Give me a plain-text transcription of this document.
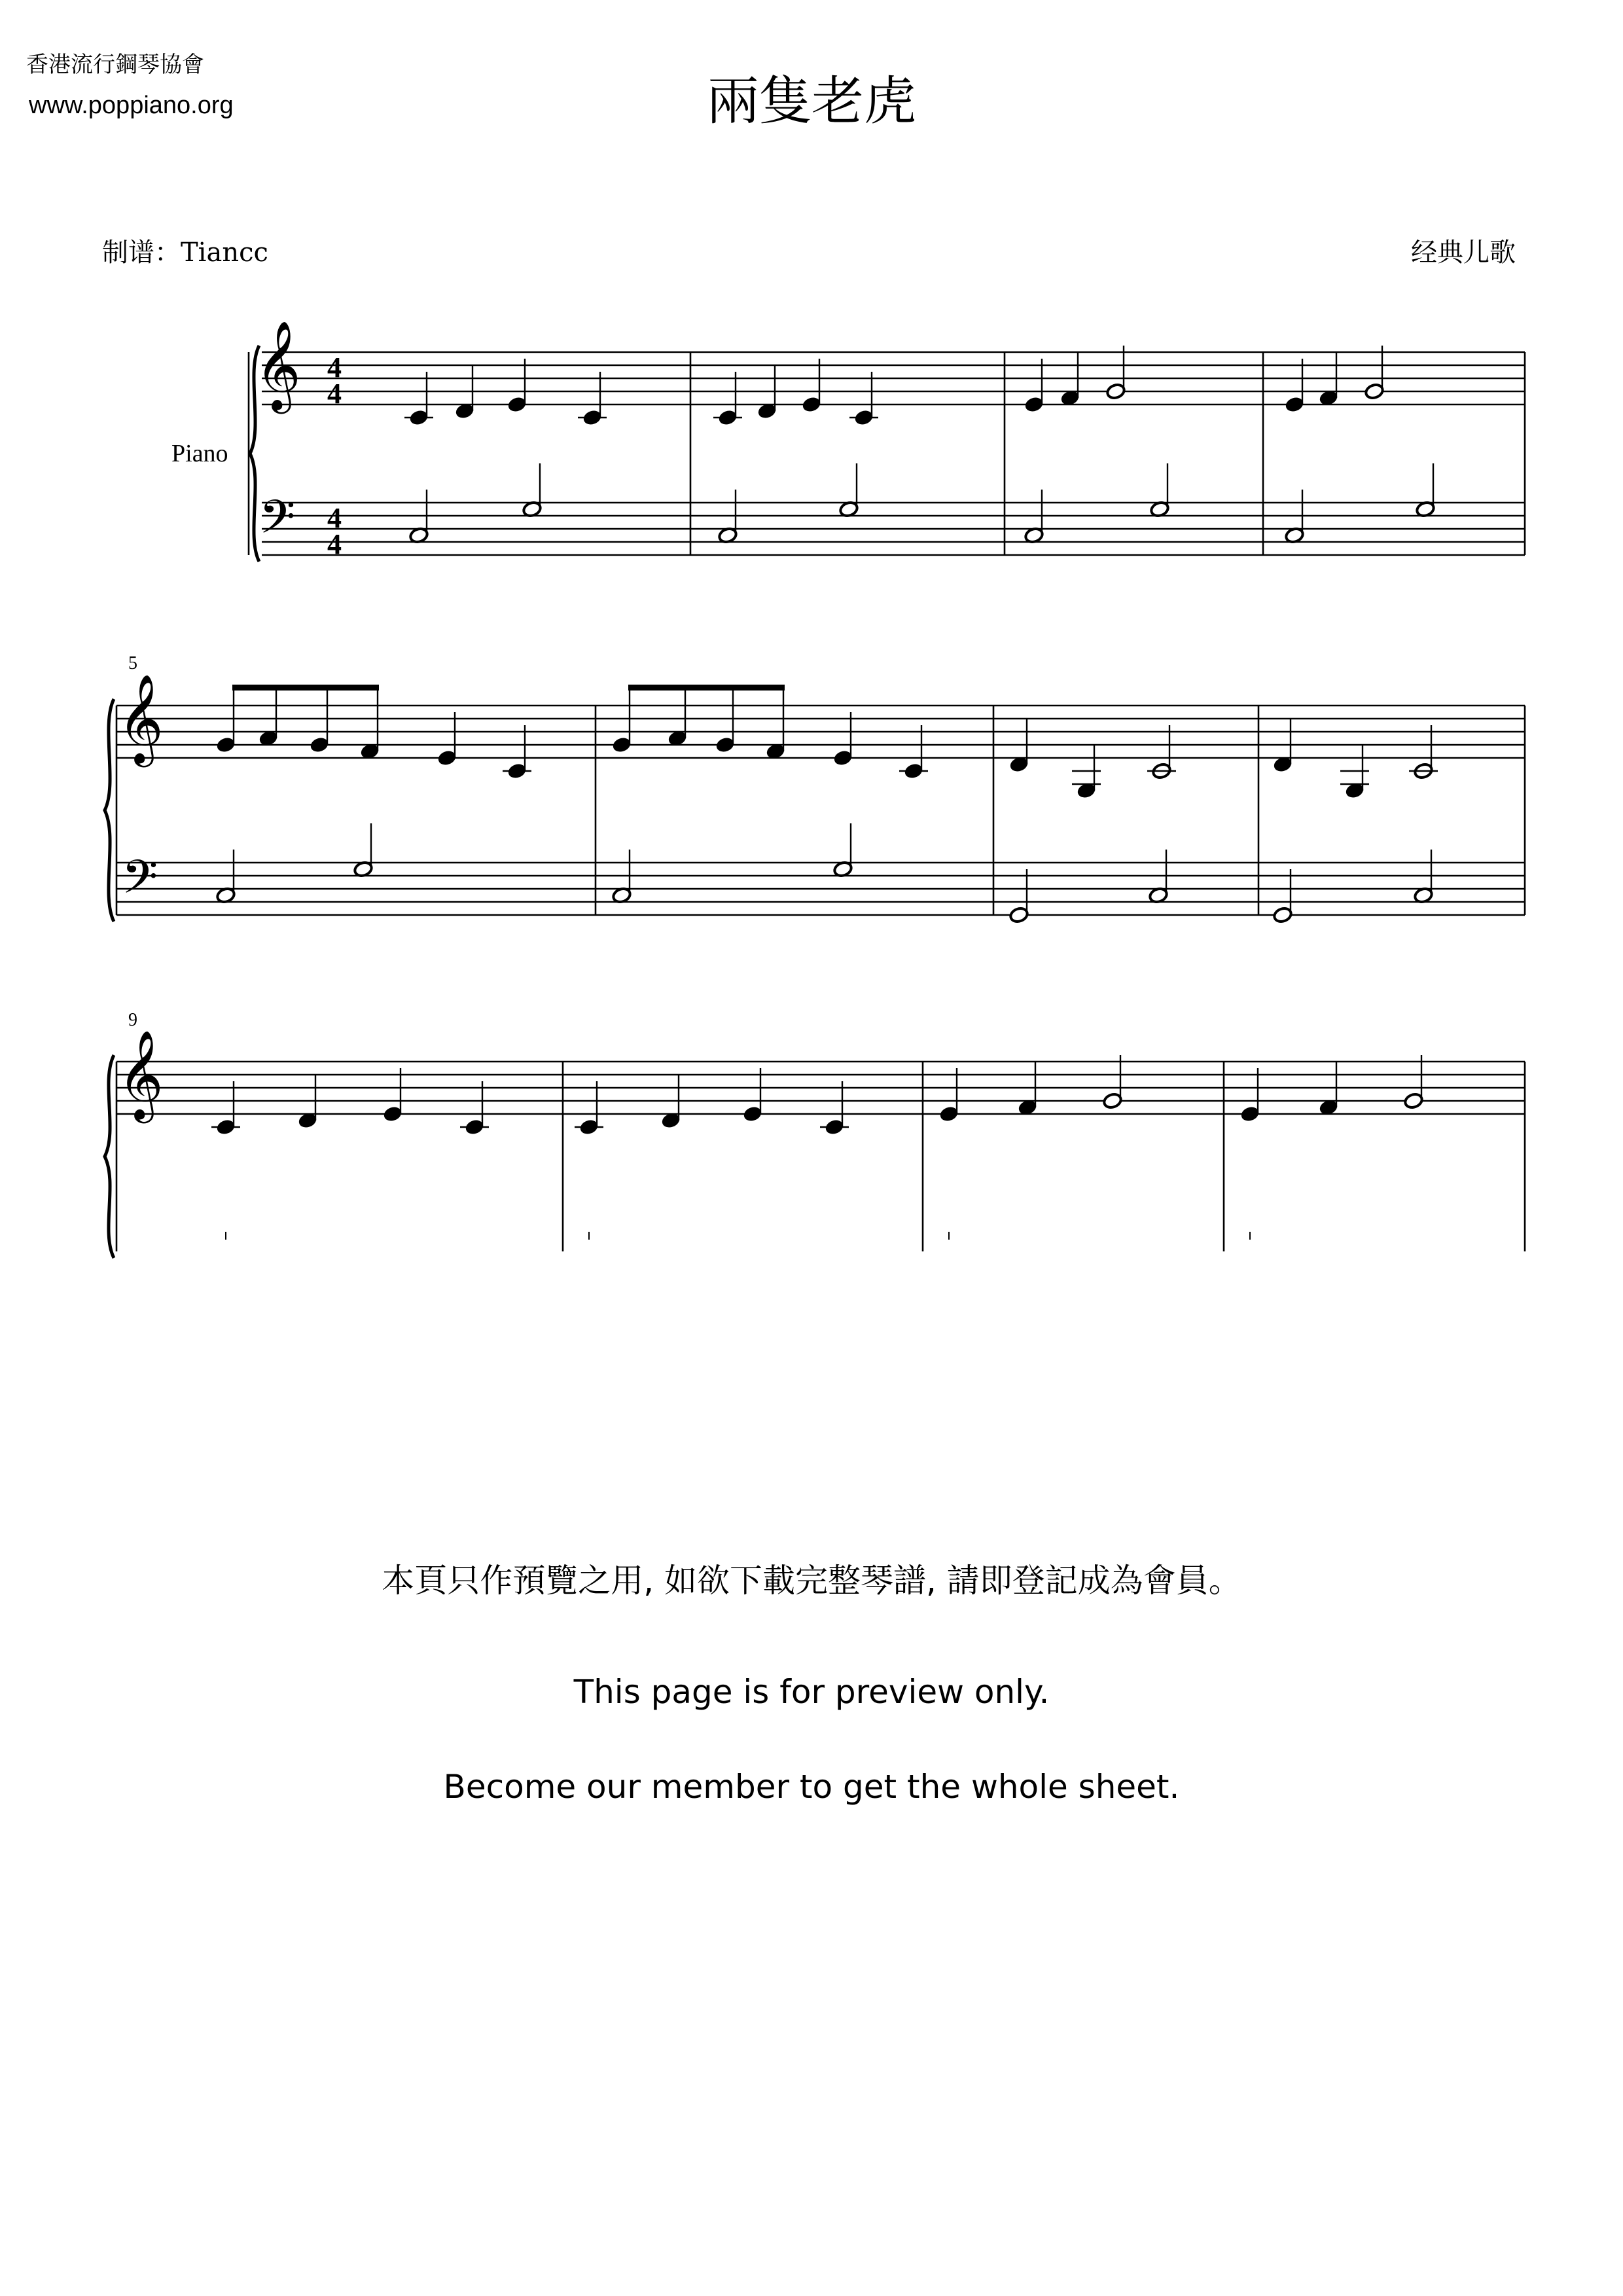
香港流行鋼琴協會
www.poppiano.org	兩隻老虎
制谱：Tiancc	经典儿歌
Piano
5
9
𝄞
𝄢
4
4
4
4
𝄞
𝄢
𝄞
本頁只作預覽之用, 如欲下載完整琴譜, 請即登記成為會員。
This page is for preview only.
Become our member to get the whole sheet.
